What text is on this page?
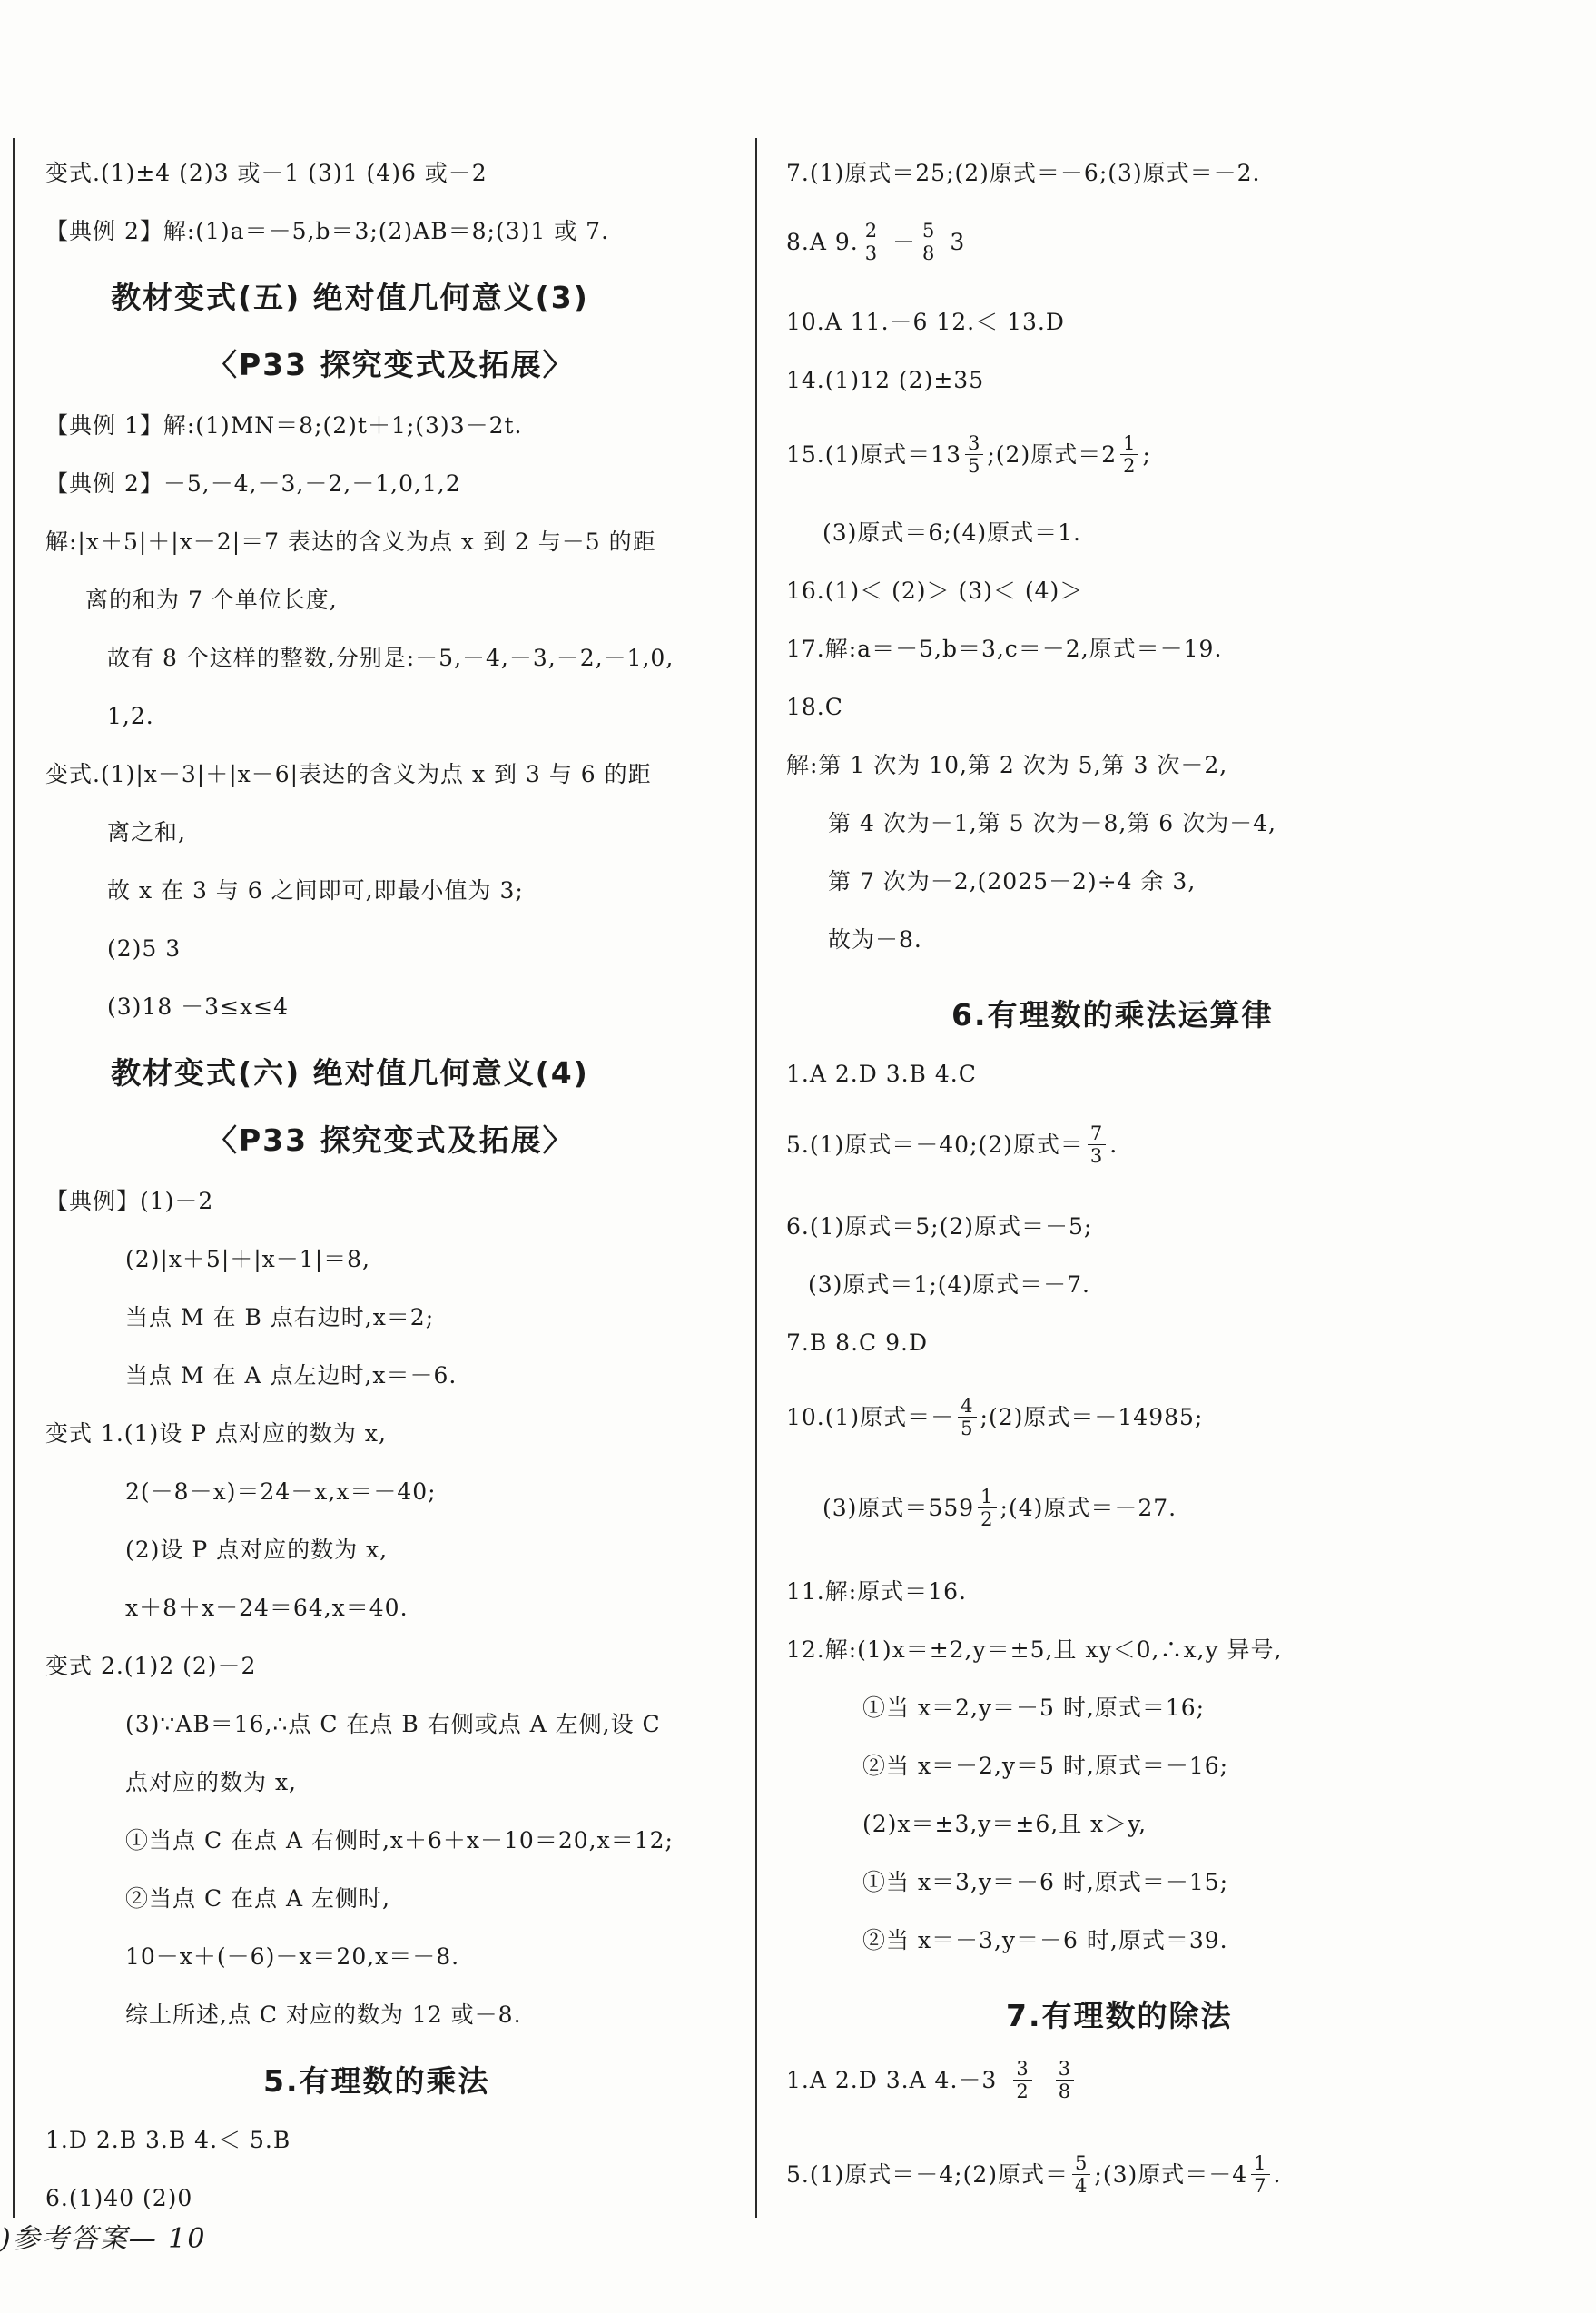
变式.(1)±4 (2)3 或－1 (3)1 (4)6 或－2
【典例 2】解:(1)a＝－5,b＝3;(2)AB＝8;(3)1 或 7.
教材变式(五) 绝对值几何意义(3)
〈P33 探究变式及拓展〉
【典例 1】解:(1)MN＝8;(2)t＋1;(3)3－2t.
【典例 2】－5,－4,－3,－2,－1,0,1,2
解:|x＋5|＋|x－2|＝7 表达的含义为点 x 到 2 与－5 的距
离的和为 7 个单位长度,
故有 8 个这样的整数,分别是:－5,－4,－3,－2,－1,0,
1,2.
变式.(1)|x－3|＋|x－6|表达的含义为点 x 到 3 与 6 的距
离之和,
故 x 在 3 与 6 之间即可,即最小值为 3;
(2)5 3
(3)18 －3≤x≤4
教材变式(六) 绝对值几何意义(4)
〈P33 探究变式及拓展〉
【典例】(1)－2
(2)|x＋5|＋|x－1|＝8,
当点 M 在 B 点右边时,x＝2;
当点 M 在 A 点左边时,x＝－6.
变式 1.(1)设 P 点对应的数为 x,
2(－8－x)＝24－x,x＝－40;
(2)设 P 点对应的数为 x,
x＋8＋x－24＝64,x＝40.
变式 2.(1)2 (2)－2
(3)∵AB＝16,∴点 C 在点 B 右侧或点 A 左侧,设 C
点对应的数为 x,
①当点 C 在点 A 右侧时,x＋6＋x－10＝20,x＝12;
②当点 C 在点 A 左侧时,
10－x＋(－6)－x＝20,x＝－8.
综上所述,点 C 对应的数为 12 或－8.
5.有理数的乘法
1.D 2.B 3.B 4.＜ 5.B
6.(1)40 (2)0
7.(1)原式＝25;(2)原式＝－6;(3)原式＝－2.
8.A 9. $\frac{2}{3} - \frac{5}{8} 3$
10.A 11.－6 12.＜ 13.D
14.(1)12 (2)±35
15.(1)原式$=13 \frac{3}{5}$ ;(2)原式$=2 \frac{1}{2}$ ;
(3)原式＝6;(4)原式＝1.
16.(1)＜ (2)＞ (3)＜ (4)＞
17.解:a＝－5,b＝3,c＝－2,原式＝－19.
18.C
解:第 1 次为 10,第 2 次为 5,第 3 次－2,
第 4 次为－1,第 5 次为－8,第 6 次为－4,
第 7 次为－2,(2025－2)÷4 余 3,
故为－8.
6.有理数的乘法运算律
1.A 2.D 3.B 4.C
5.(1)原式＝－40;(2)原式＝ $\frac{7}{3}$ .
6.(1)原式＝5;(2)原式＝－5;
(3)原式＝1;(4)原式＝－7.
7.B 8.C 9.D
10.(1)原式＝－ $\frac{4}{5}$ ;(2)原式＝－14985;
(3)原式$=559 \frac{1}{2}$ ;(4)原式＝－27.
11.解:原式＝16.
12.解:(1)x＝±2,y＝±5,且 xy＜0,∴x,y 异号,
①当 x＝2,y＝－5 时,原式＝16;
②当 x＝－2,y＝5 时,原式＝－16;
(2)x＝±3,y＝±6,且 x＞y,
①当 x＝3,y＝－6 时,原式＝－15;
②当 x＝－3,y＝－6 时,原式＝39.
7.有理数的除法
1.A 2.D 3.A $4.-3 \frac{3}{2} \frac{3}{8}$
5.(1)原式＝－4;(2)原式＝ $\frac{5}{4}$ ;(3)原式$=-4 \frac{1}{7}$ .
)参考答案— 10
